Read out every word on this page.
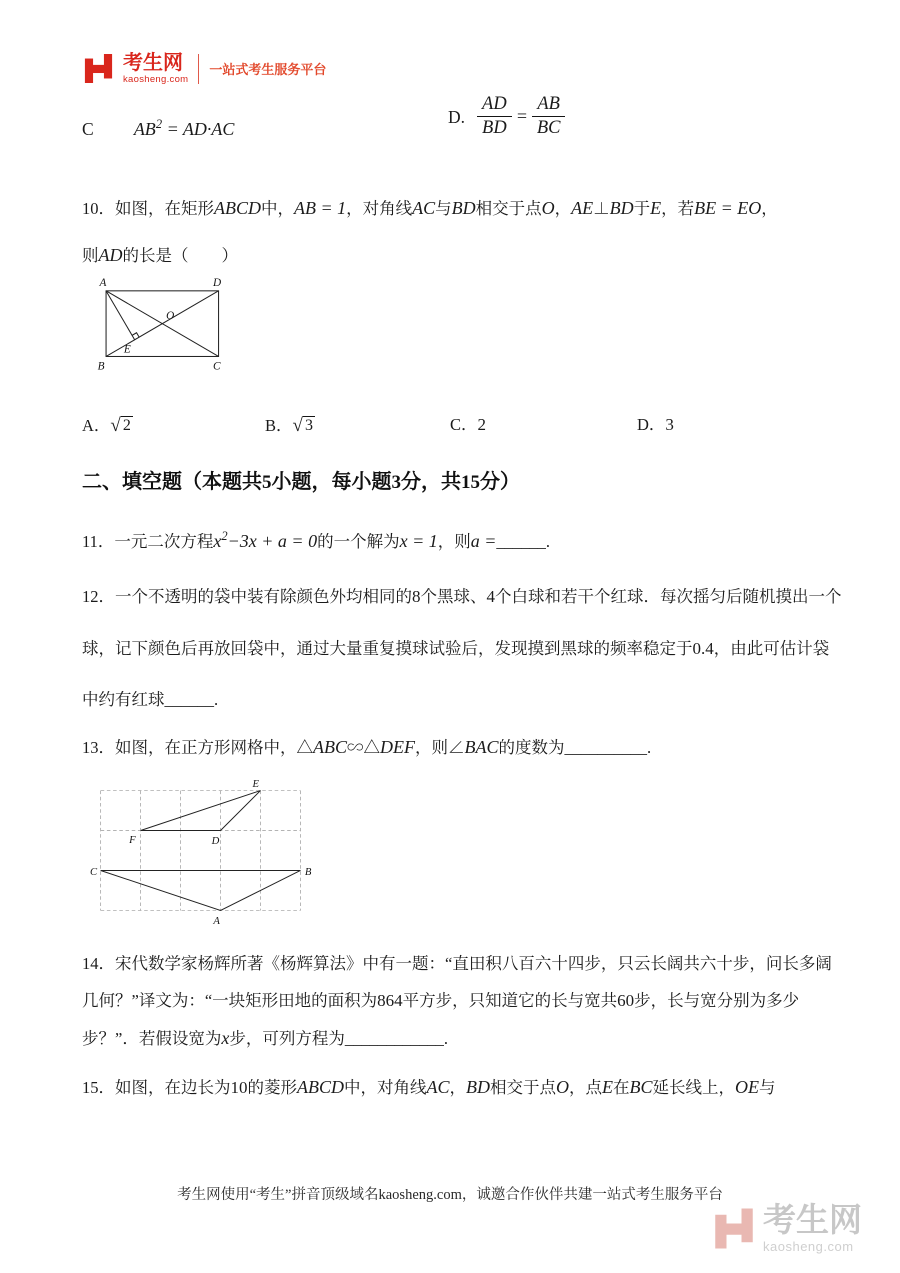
考生网
kaosheng.com
一站式考生服务平台
C $AB^2 = AD\cdot AC$
D. $\frac{AD}{BD} = \frac{AB}{BC}$
10．如图，在矩形ABCD中，AB = 1，对角线AC与BD相交于点O，AE⊥BD于E，若BE = EO，
则AD的长是（　　）
A	D
O
E
B	C
A．√ 2	B．√ 3	C．2	D．3
二、填空题（本题共5小题，每小题3分，共15分）
11．一元二次方程$x^2-3x + a = 0$的一个解为x = 1，则a =______.
12．一个不透明的袋中装有除颜色外均相同的8个黑球、4个白球和若干个红球．每次摇匀后随机摸出一个
球，记下颜色后再放回袋中，通过大量重复摸球试验后，发现摸到黑球的频率稳定于0.4，由此可估计袋
中约有红球______.
13．如图，在正方形网格中，△ABC∽△DEF，则∠BAC的度数为__________.
E
F	D
C	B
A
14．宋代数学家杨辉所著《杨辉算法》中有一题：“直田积八百六十四步，只云长阔共六十步，问长多阔
几何？”译文为：“一块矩形田地的面积为864平方步，只知道它的长与宽共60步，长与宽分别为多少
步？”．若假设宽为x步，可列方程为____________.
15．如图，在边长为10的菱形ABCD中，对角线AC，BD相交于点O，点E在BC延长线上，OE与
考生网使用“考生”拼音顶级域名kaosheng.com，诚邀合作伙伴共建一站式考生服务平台
考生网
kaosheng.com
